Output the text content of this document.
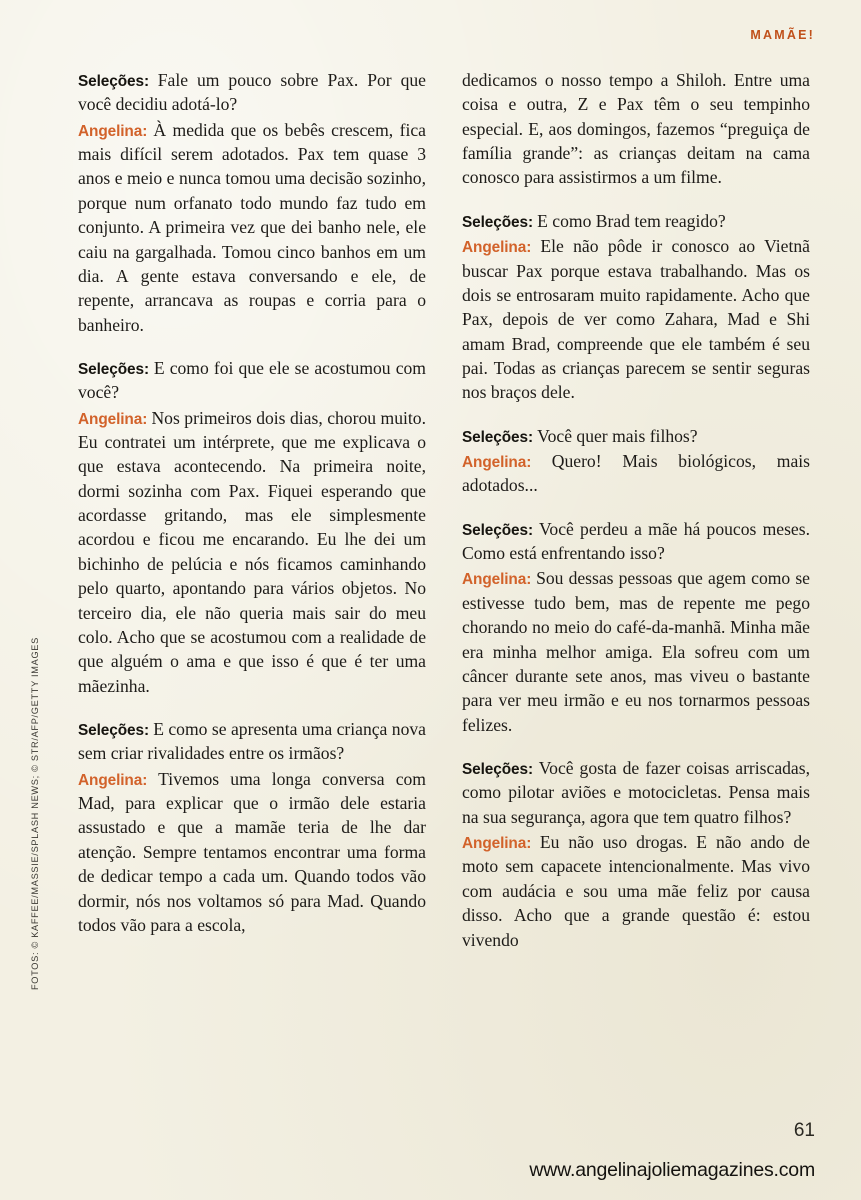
MAMÃE!
FOTOS: © KAFFEE/MASSIE/SPLASH NEWS; © STR/AFP/GETTY IMAGES

Seleções: Fale um pouco sobre Pax. Por que você decidiu adotá-lo?

Angelina: À medida que os bebês crescem, fica mais difícil serem adotados. Pax tem quase 3 anos e meio e nunca tomou uma decisão sozinho, porque num orfanato todo mundo faz tudo em conjunto. A primeira vez que dei banho nele, ele caiu na gargalhada. Tomou cinco banhos em um dia. A gente estava conversando e ele, de repente, arrancava as roupas e corria para o banheiro.

Seleções: E como foi que ele se acostumou com você?

Angelina: Nos primeiros dois dias, chorou muito. Eu contratei um intérprete, que me explicava o que estava acontecendo. Na primeira noite, dormi sozinha com Pax. Fiquei esperando que acordasse gritando, mas ele simplesmente acordou e ficou me encarando. Eu lhe dei um bichinho de pelúcia e nós ficamos caminhando pelo quarto, apontando para vários objetos. No terceiro dia, ele não queria mais sair do meu colo. Acho que se acostumou com a realidade de que alguém o ama e que isso é que é ter uma mãezinha.

Seleções: E como se apresenta uma criança nova sem criar rivalidades entre os irmãos?

Angelina: Tivemos uma longa conversa com Mad, para explicar que o irmão dele estaria assustado e que a mamãe teria de lhe dar atenção. Sempre tentamos encontrar uma forma de dedicar tempo a cada um. Quando todos vão dormir, nós nos voltamos só para Mad. Quando todos vão para a escola,

dedicamos o nosso tempo a Shiloh. Entre uma coisa e outra, Z e Pax têm o seu tempinho especial. E, aos domingos, fazemos “preguiça de família grande”: as crianças deitam na cama conosco para assistirmos a um filme.

Seleções: E como Brad tem reagido?

Angelina: Ele não pôde ir conosco ao Vietnã buscar Pax porque estava trabalhando. Mas os dois se entrosaram muito rapidamente. Acho que Pax, depois de ver como Zahara, Mad e Shi amam Brad, compreende que ele também é seu pai. Todas as crianças parecem se sentir seguras nos braços dele.

Seleções: Você quer mais filhos?

Angelina: Quero! Mais biológicos, mais adotados...

Seleções: Você perdeu a mãe há poucos meses. Como está enfrentando isso?

Angelina: Sou dessas pessoas que agem como se estivesse tudo bem, mas de repente me pego chorando no meio do café-da-manhã. Minha mãe era minha melhor amiga. Ela sofreu com um câncer durante sete anos, mas viveu o bastante para ver meu irmão e eu nos tornarmos pessoas felizes.

Seleções: Você gosta de fazer coisas arriscadas, como pilotar aviões e motocicletas. Pensa mais na sua segurança, agora que tem quatro filhos?

Angelina: Eu não uso drogas. E não ando de moto sem capacete intencionalmente. Mas vivo com audácia e sou uma mãe feliz por causa disso. Acho que a grande questão é: estou vivendo

61
www.angelinajoliemagazines.com
